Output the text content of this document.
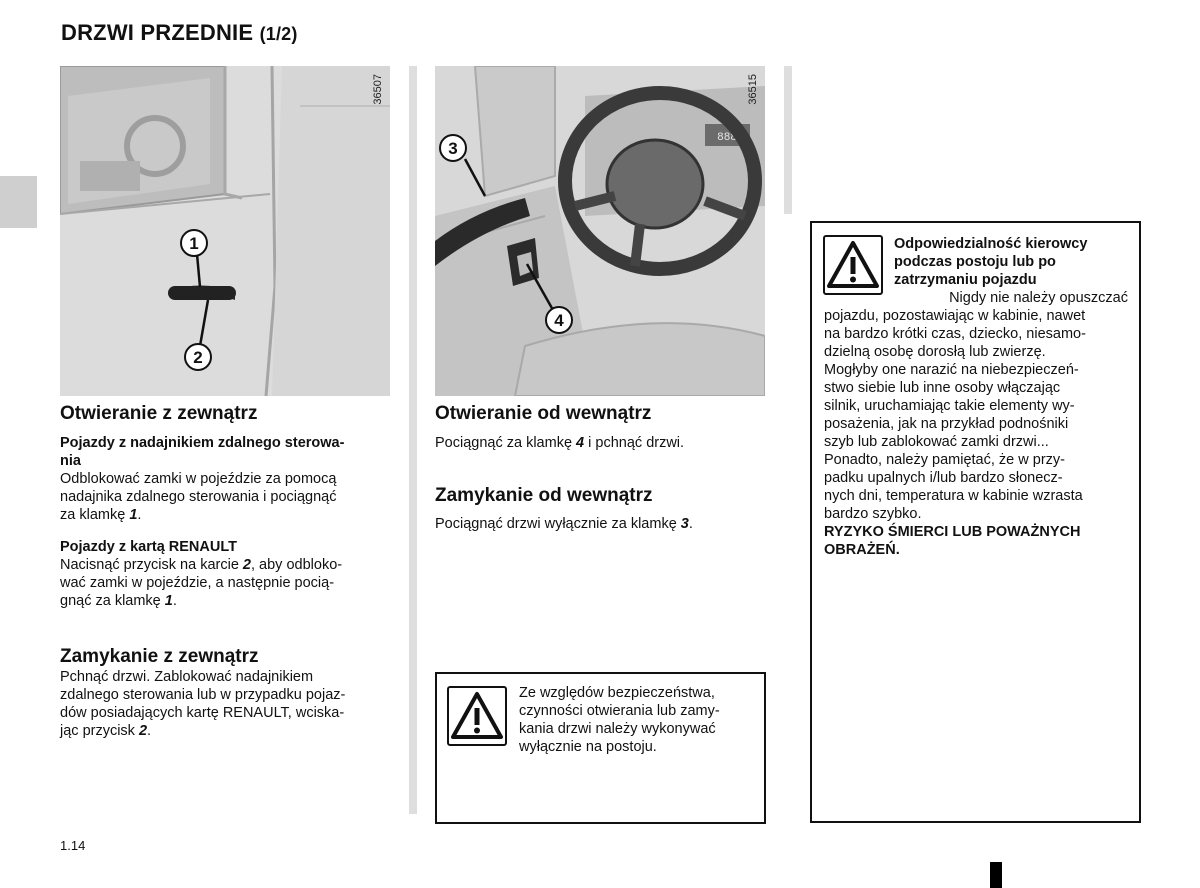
DRZWI PRZEDNIE (1/2)
1
2
36507
888
3
4
36515
Otwieranie z zewnątrz
Pojazdy z nadajnikiem zdalnego sterowa-
nia
Odblokować zamki w pojeździe za pomocą
nadajnika zdalnego sterowania i pociągnąć
za klamkę 1.
Pojazdy z kartą RENAULT
Nacisnąć przycisk na karcie 2, aby odbloko-
wać zamki w pojeździe, a następnie pocią-
gnąć za klamkę 1.
Zamykanie z zewnątrz
Pchnąć drzwi. Zablokować nadajnikiem
zdalnego sterowania lub w przypadku pojaz-
dów posiadających kartę RENAULT, wciska-
jąc przycisk 2.
Otwieranie od wewnątrz
Pociągnąć za klamkę 4 i pchnąć drzwi.
Zamykanie od wewnątrz
Pociągnąć drzwi wyłącznie za klamkę 3.
Ze względów bezpieczeństwa,
czynności otwierania lub zamy-
kania drzwi należy wykonywać
wyłącznie na postoju.
Odpowiedzialność kierowcy
podczas postoju lub po
zatrzymaniu pojazdu
Nigdy nie należy opuszczać
pojazdu, pozostawiając w kabinie, nawet
na bardzo krótki czas, dziecko, niesamo-
dzielną osobę dorosłą lub zwierzę.
Mogłyby one narazić na niebezpieczeń-
stwo siebie lub inne osoby włączając
silnik, uruchamiając takie elementy wy-
posażenia, jak na przykład podnośniki
szyb lub zablokować zamki drzwi...
Ponadto, należy pamiętać, że w przy-
padku upalnych i/lub bardzo słonecz-
nych dni, temperatura w kabinie wzrasta
bardzo szybko.
RYZYKO ŚMIERCI LUB POWAŻNYCH
OBRAŻEŃ.
1.14
